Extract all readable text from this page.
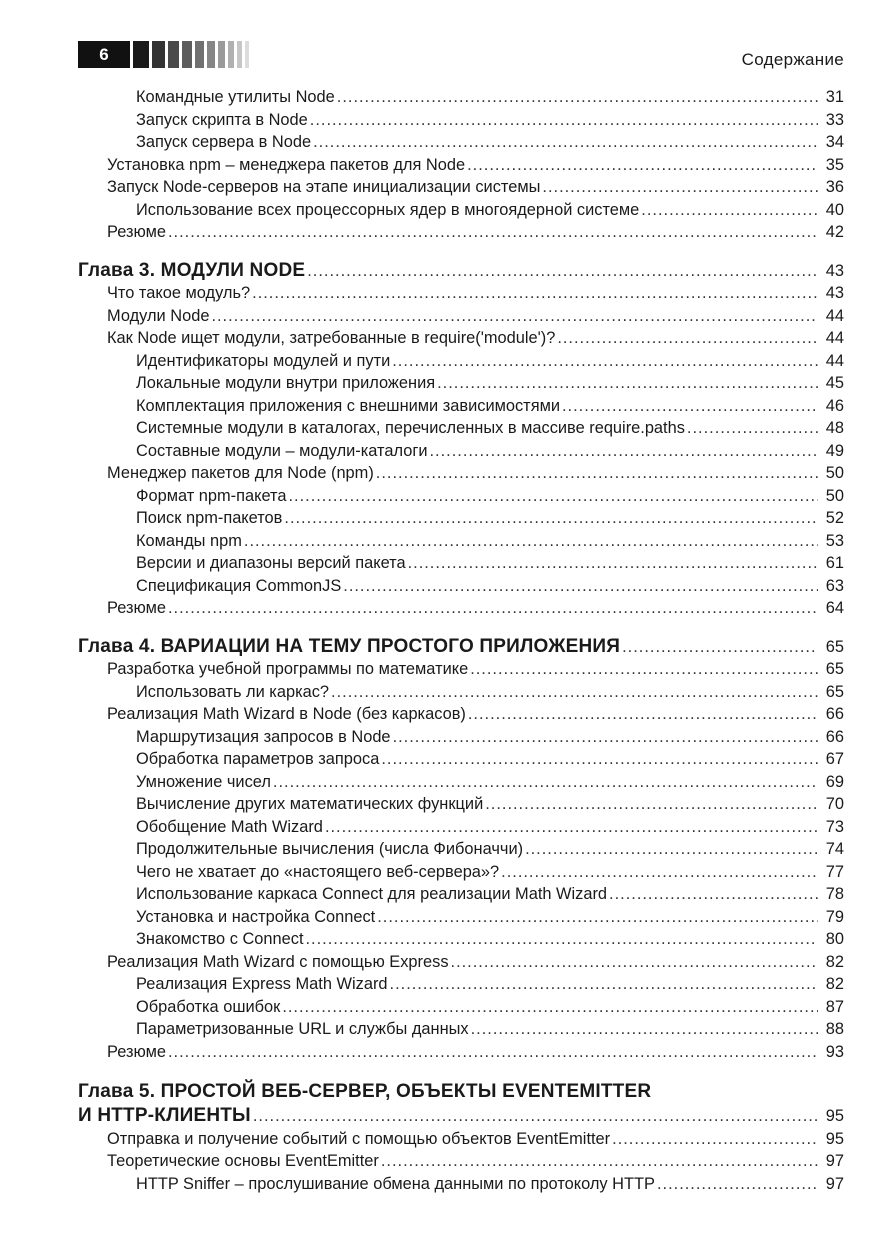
6	Содержание
Командные утилиты Node .....	31
Запуск скрипта в Node .....	33
Запуск сервера в Node .....	34
Установка npm – менеджера пакетов для Node .....	35
Запуск Node-серверов на этапе инициализации системы .....	36
Использование всех процессорных ядер в многоядерной системе .....	40
Резюме .....	42
Глава 3. МОДУЛИ NODE .....	43
Что такое модуль? .....	43
Модули Node .....	44
Как Node ищет модули, затребованные в require('module')? .....	44
Идентификаторы модулей и пути .....	44
Локальные модули внутри приложения .....	45
Комплектация приложения с внешними зависимостями .....	46
Системные модули в каталогах, перечисленных в массиве require.paths .....	48
Составные модули – модули-каталоги .....	49
Менеджер пакетов для Node (npm) .....	50
Формат npm-пакета .....	50
Поиск npm-пакетов .....	52
Команды npm .....	53
Версии и диапазоны версий пакета .....	61
Спецификация CommonJS .....	63
Резюме .....	64
Глава 4. ВАРИАЦИИ НА ТЕМУ ПРОСТОГО ПРИЛОЖЕНИЯ .....	65
Разработка учебной программы по математике .....	65
Использовать ли каркас? .....	65
Реализация Math Wizard в Node (без каркасов) .....	66
Маршрутизация запросов в Node .....	66
Обработка параметров запроса .....	67
Умножение чисел .....	69
Вычисление других математических функций .....	70
Обобщение Math Wizard .....	73
Продолжительные вычисления (числа Фибоначчи) .....	74
Чего не хватает до «настоящего веб-сервера»? .....	77
Использование каркаса Connect для реализации Math Wizard .....	78
Установка и настройка Connect .....	79
Знакомство с Connect .....	80
Реализация Math Wizard с помощью Express .....	82
Реализация Express Math Wizard .....	82
Обработка ошибок .....	87
Параметризованные URL и службы данных .....	88
Резюме .....	93
Глава 5. ПРОСТОЙ ВЕБ-СЕРВЕР, ОБЪЕКТЫ EVENTEMITTER
И HTTP-КЛИЕНТЫ .....	95
Отправка и получение событий с помощью объектов EventEmitter .....	95
Теоретические основы EventEmitter .....	97
HTTP Sniffer – прослушивание обмена данными по протоколу HTTP .....	97
